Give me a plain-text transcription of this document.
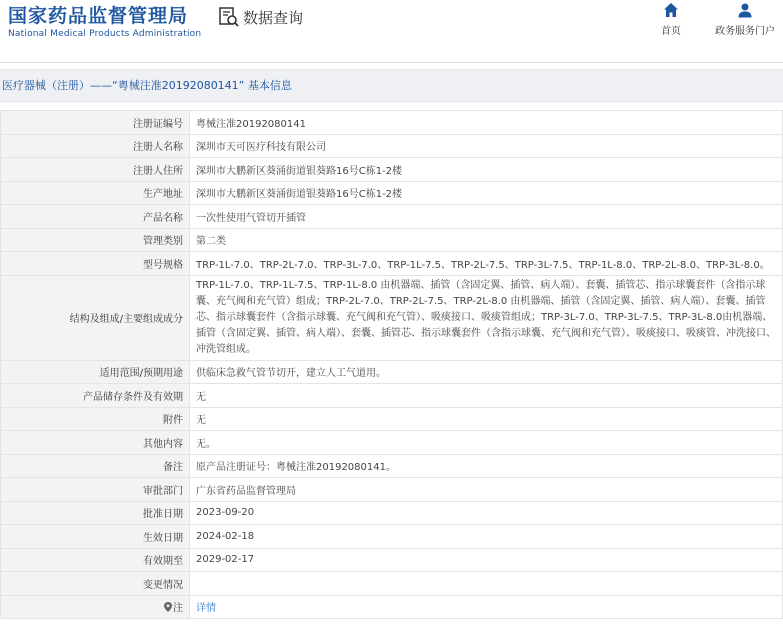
国家药品监督管理局
National Medical Products Administration
数据查询
首页	政务服务门户
医疗器械（注册）——“粤械注准20192080141” 基本信息
注册证编号	粤械注准20192080141
注册人名称	深圳市天可医疗科技有限公司
注册人住所	深圳市大鹏新区葵涌街道银葵路16号C栋1-2楼
生产地址	深圳市大鹏新区葵涌街道银葵路16号C栋1-2楼
产品名称	一次性使用气管切开插管
管理类别	第二类
型号规格	TRP-1L-7.0、TRP-2L-7.0、TRP-3L-7.0、TRP-1L-7.5、TRP-2L-7.5、TRP-3L-7.5、TRP-1L-8.0、TRP-2L-8.0、TRP-3L-8.0。
结构及组成/主要组成成分	TRP-1L-7.0、TRP-1L-7.5、TRP-1L-8.0 由机器端、插管（含固定翼、插管、病人端）、套囊、插管芯、指示球囊套件（含指示球囊、充气阀和充气管）组成；TRP-2L-7.0、TRP-2L-7.5、TRP-2L-8.0 由机器端、插管（含固定翼、插管、病人端）、套囊、插管芯、指示球囊套件（含指示球囊、充气阀和充气管）、吸痰接口、吸痰管组成；TRP-3L-7.0、TRP-3L-7.5、TRP-3L-8.0由机器端、插管（含固定翼、插管、病人端）、套囊、插管芯、指示球囊套件（含指示球囊、充气阀和充气管）、吸痰接口、吸痰管、冲洗接口、冲洗管组成。
适用范围/预期用途	供临床急救气管节切开，建立人工气道用。
产品储存条件及有效期	无
附件	无
其他内容	无。
备注	原产品注册证号：粤械注准20192080141。
审批部门	广东省药品监督管理局
批准日期	2023-09-20
生效日期	2024-02-18
有效期至	2029-02-17
变更情况	
注	详情
